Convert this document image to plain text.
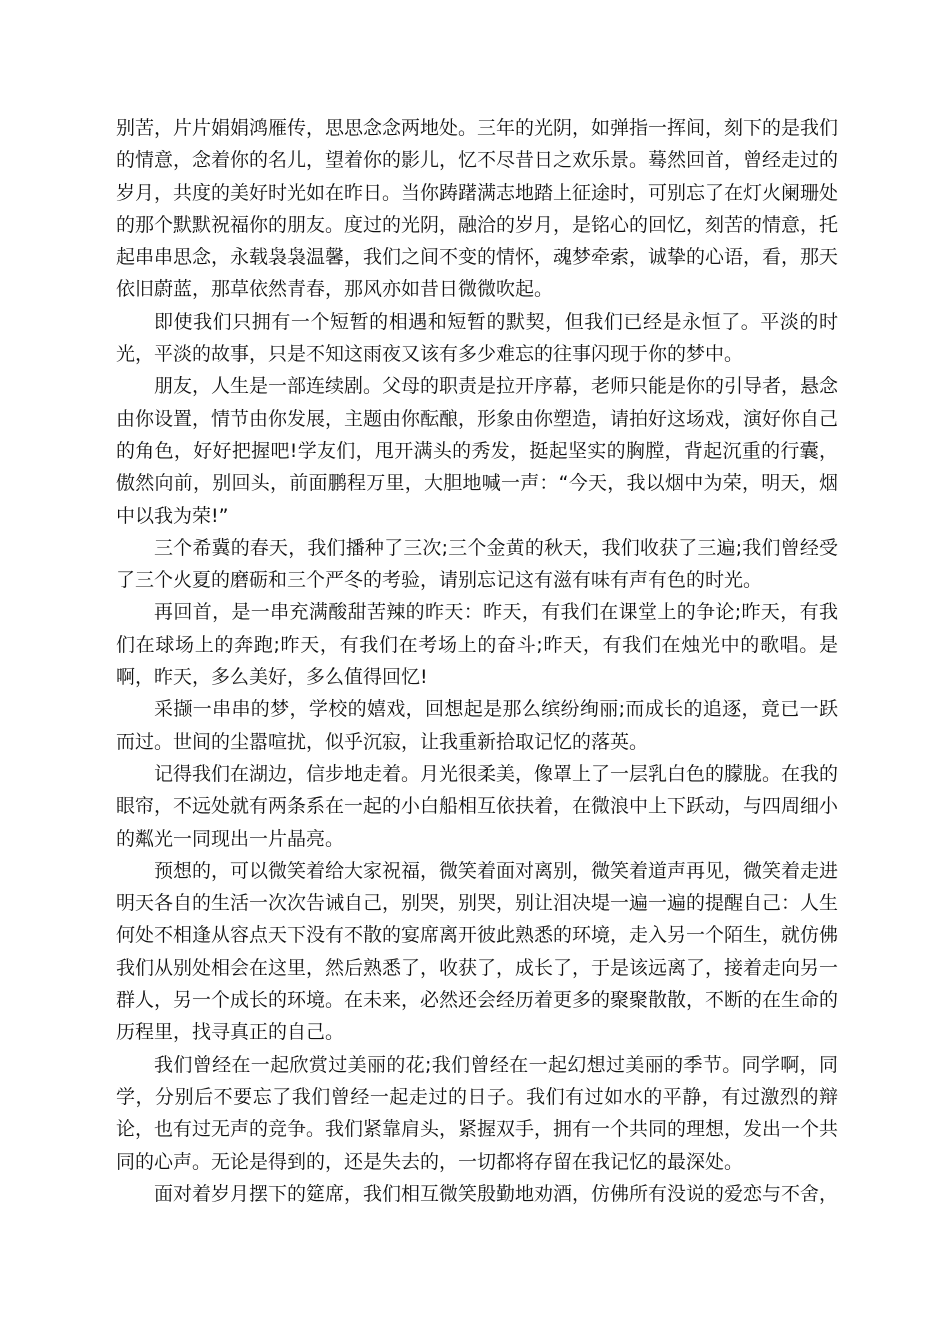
别苦，片片娟娟鸿雁传，思思念念两地处。三年的光阴，如弹指一挥间，刻下的是我们的情意，念着你的名儿，望着你的影儿，忆不尽昔日之欢乐景。蓦然回首，曾经走过的岁月，共度的美好时光如在昨日。当你踌躇满志地踏上征途时，可别忘了在灯火阑珊处的那个默默祝福你的朋友。度过的光阴，融洽的岁月，是铭心的回忆，刻苦的情意，托起串串思念，永载袅袅温馨，我们之间不变的情怀，魂梦牵索，诚挚的心语，看，那天依旧蔚蓝，那草依然青春，那风亦如昔日微微吹起。

即使我们只拥有一个短暂的相遇和短暂的默契，但我们已经是永恒了。平淡的时光，平淡的故事，只是不知这雨夜又该有多少难忘的往事闪现于你的梦中。

朋友，人生是一部连续剧。父母的职责是拉开序幕，老师只能是你的引导者，悬念由你设置，情节由你发展，主题由你酝酿，形象由你塑造，请拍好这场戏，演好你自己的角色，好好把握吧!学友们，甩开满头的秀发，挺起坚实的胸膛，背起沉重的行囊，傲然向前，别回头，前面鹏程万里，大胆地喊一声：“今天，我以烟中为荣，明天，烟中以我为荣!”

三个希冀的春天，我们播种了三次;三个金黄的秋天，我们收获了三遍;我们曾经受了三个火夏的磨砺和三个严冬的考验，请别忘记这有滋有味有声有色的时光。

再回首，是一串充满酸甜苦辣的昨天：昨天，有我们在课堂上的争论;昨天，有我们在球场上的奔跑;昨天，有我们在考场上的奋斗;昨天，有我们在烛光中的歌唱。是啊，昨天，多么美好，多么值得回忆!

采撷一串串的梦，学校的嬉戏，回想起是那么缤纷绚丽;而成长的追逐，竟已一跃而过。世间的尘嚣喧扰，似乎沉寂，让我重新拾取记忆的落英。

记得我们在湖边，信步地走着。月光很柔美，像罩上了一层乳白色的朦胧。在我的眼帘，不远处就有两条系在一起的小白船相互依扶着，在微浪中上下跃动，与四周细小的粼光一同现出一片晶亮。

预想的，可以微笑着给大家祝福，微笑着面对离别，微笑着道声再见，微笑着走进明天各自的生活一次次告诫自己，别哭，别哭，别让泪决堤一遍一遍的提醒自己：人生何处不相逢从容点天下没有不散的宴席离开彼此熟悉的环境，走入另一个陌生，就仿佛我们从别处相会在这里，然后熟悉了，收获了，成长了，于是该远离了，接着走向另一群人，另一个成长的环境。在未来，必然还会经历着更多的聚聚散散，不断的在生命的历程里，找寻真正的自己。

我们曾经在一起欣赏过美丽的花;我们曾经在一起幻想过美丽的季节。同学啊，同学，分别后不要忘了我们曾经一起走过的日子。我们有过如水的平静，有过激烈的辩论，也有过无声的竞争。我们紧靠肩头，紧握双手，拥有一个共同的理想，发出一个共同的心声。无论是得到的，还是失去的，一切都将存留在我记忆的最深处。

面对着岁月摆下的筵席，我们相互微笑殷勤地劝酒，仿佛所有没说的爱恋与不舍，
